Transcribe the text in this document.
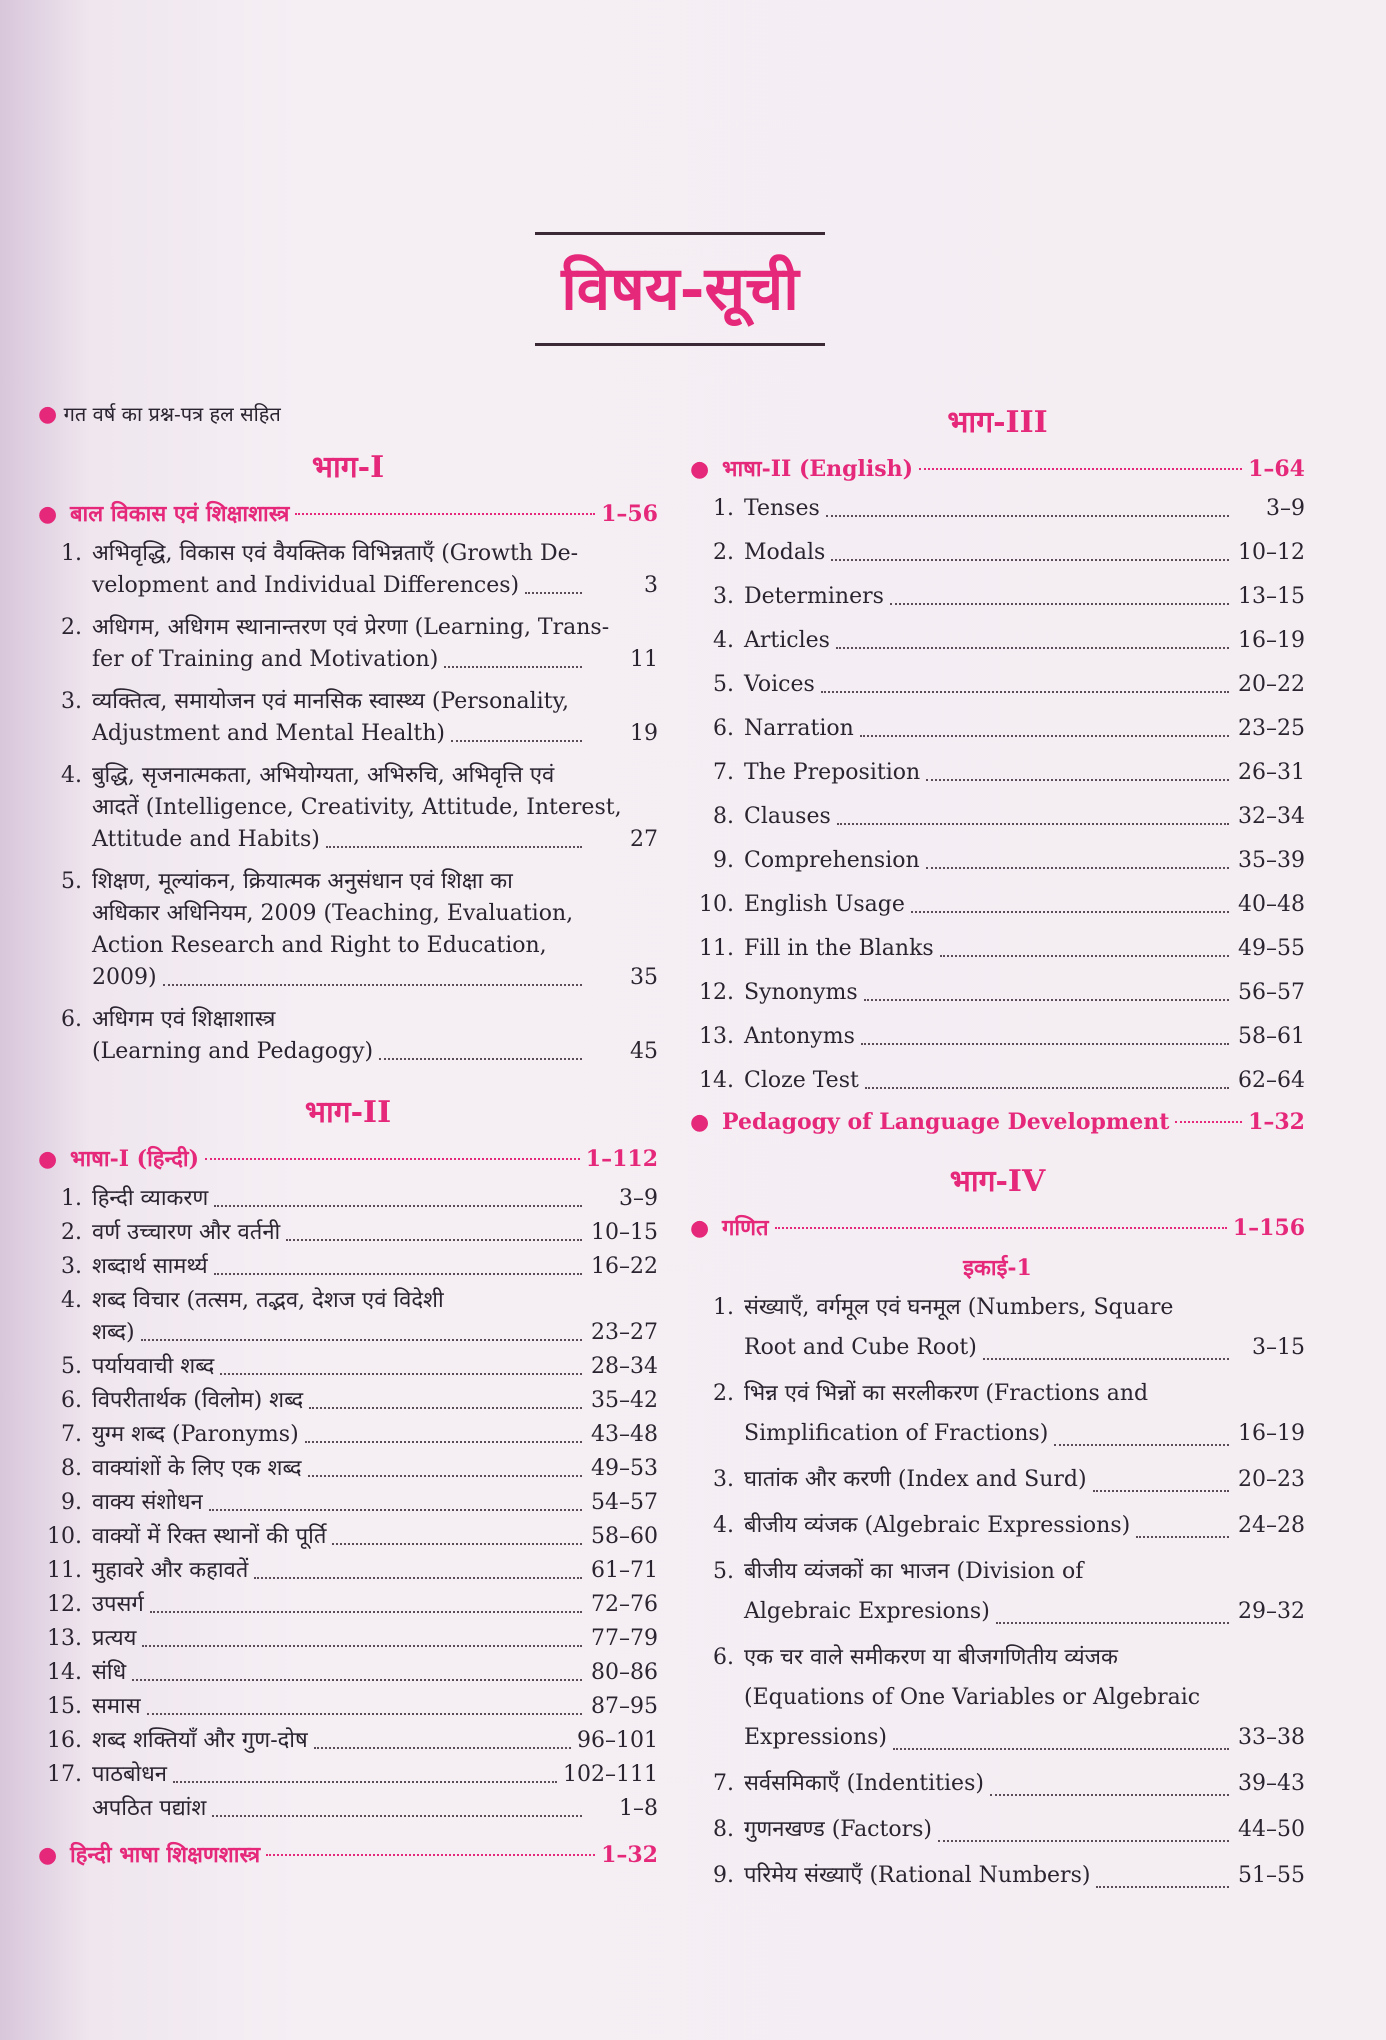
विषय-सूची
● गत वर्ष का प्रश्न-पत्र हल सहित
भाग-I
● बाल विकास एवं शिक्षाशास्त्र	1–56
1. अभिवृद्धि, विकास एवं वैयक्तिक विभिन्नताएँ (Growth De-
velopment and Individual Differences)	3
2. अधिगम, अधिगम स्थानान्तरण एवं प्रेरणा (Learning, Trans-
fer of Training and Motivation)	11
3. व्यक्तित्व, समायोजन एवं मानसिक स्वास्थ्य (Personality,
Adjustment and Mental Health)	19
4. बुद्धि, सृजनात्मकता, अभियोग्यता, अभिरुचि, अभिवृत्ति एवं
आदतें (Intelligence, Creativity, Attitude, Interest,
Attitude and Habits)	27
5. शिक्षण, मूल्यांकन, क्रियात्मक अनुसंधान एवं शिक्षा का
अधिकार अधिनियम, 2009 (Teaching, Evaluation,
Action Research and Right to Education,
2009)	35
6. अधिगम एवं शिक्षाशास्त्र
(Learning and Pedagogy)	45
भाग-II
● भाषा-I (हिन्दी)	1–112
1. हिन्दी व्याकरण	3–9
2. वर्ण उच्चारण और वर्तनी	10–15
3. शब्दार्थ सामर्थ्य	16–22
4. शब्द विचार (तत्सम, तद्भव, देशज एवं विदेशी
शब्द)	23–27
5. पर्यायवाची शब्द	28–34
6. विपरीतार्थक (विलोम) शब्द	35–42
7. युग्म शब्द (Paronyms)	43–48
8. वाक्यांशों के लिए एक शब्द	49–53
9. वाक्य संशोधन	54–57
10. वाक्यों में रिक्त स्थानों की पूर्ति	58–60
11. मुहावरे और कहावतें	61–71
12. उपसर्ग	72–76
13. प्रत्यय	77–79
14. संधि	80–86
15. समास	87–95
16. शब्द शक्तियाँ और गुण-दोष	96–101
17. पाठबोधन	102–111
अपठित पद्यांश	1–8
● हिन्दी भाषा शिक्षणशास्त्र	1–32
भाग-III
● भाषा-II (English)	1–64
1. Tenses	3–9
2. Modals	10–12
3. Determiners	13–15
4. Articles	16–19
5. Voices	20–22
6. Narration	23–25
7. The Preposition	26–31
8. Clauses	32–34
9. Comprehension	35–39
10. English Usage	40–48
11. Fill in the Blanks	49–55
12. Synonyms	56–57
13. Antonyms	58–61
14. Cloze Test	62–64
● Pedagogy of Language Development	1–32
भाग-IV
● गणित	1–156
इकाई-1
1. संख्याएँ, वर्गमूल एवं घनमूल (Numbers, Square
Root and Cube Root)	3–15
2. भिन्न एवं भिन्नों का सरलीकरण (Fractions and
Simplification of Fractions)	16–19
3. घातांक और करणी (Index and Surd)	20–23
4. बीजीय व्यंजक (Algebraic Expressions)	24–28
5. बीजीय व्यंजकों का भाजन (Division of
Algebraic Expresions)	29–32
6. एक चर वाले समीकरण या बीजगणितीय व्यंजक
(Equations of One Variables or Algebraic
Expressions)	33–38
7. सर्वसमिकाएँ (Indentities)	39–43
8. गुणनखण्ड (Factors)	44–50
9. परिमेय संख्याएँ (Rational Numbers)	51–55
